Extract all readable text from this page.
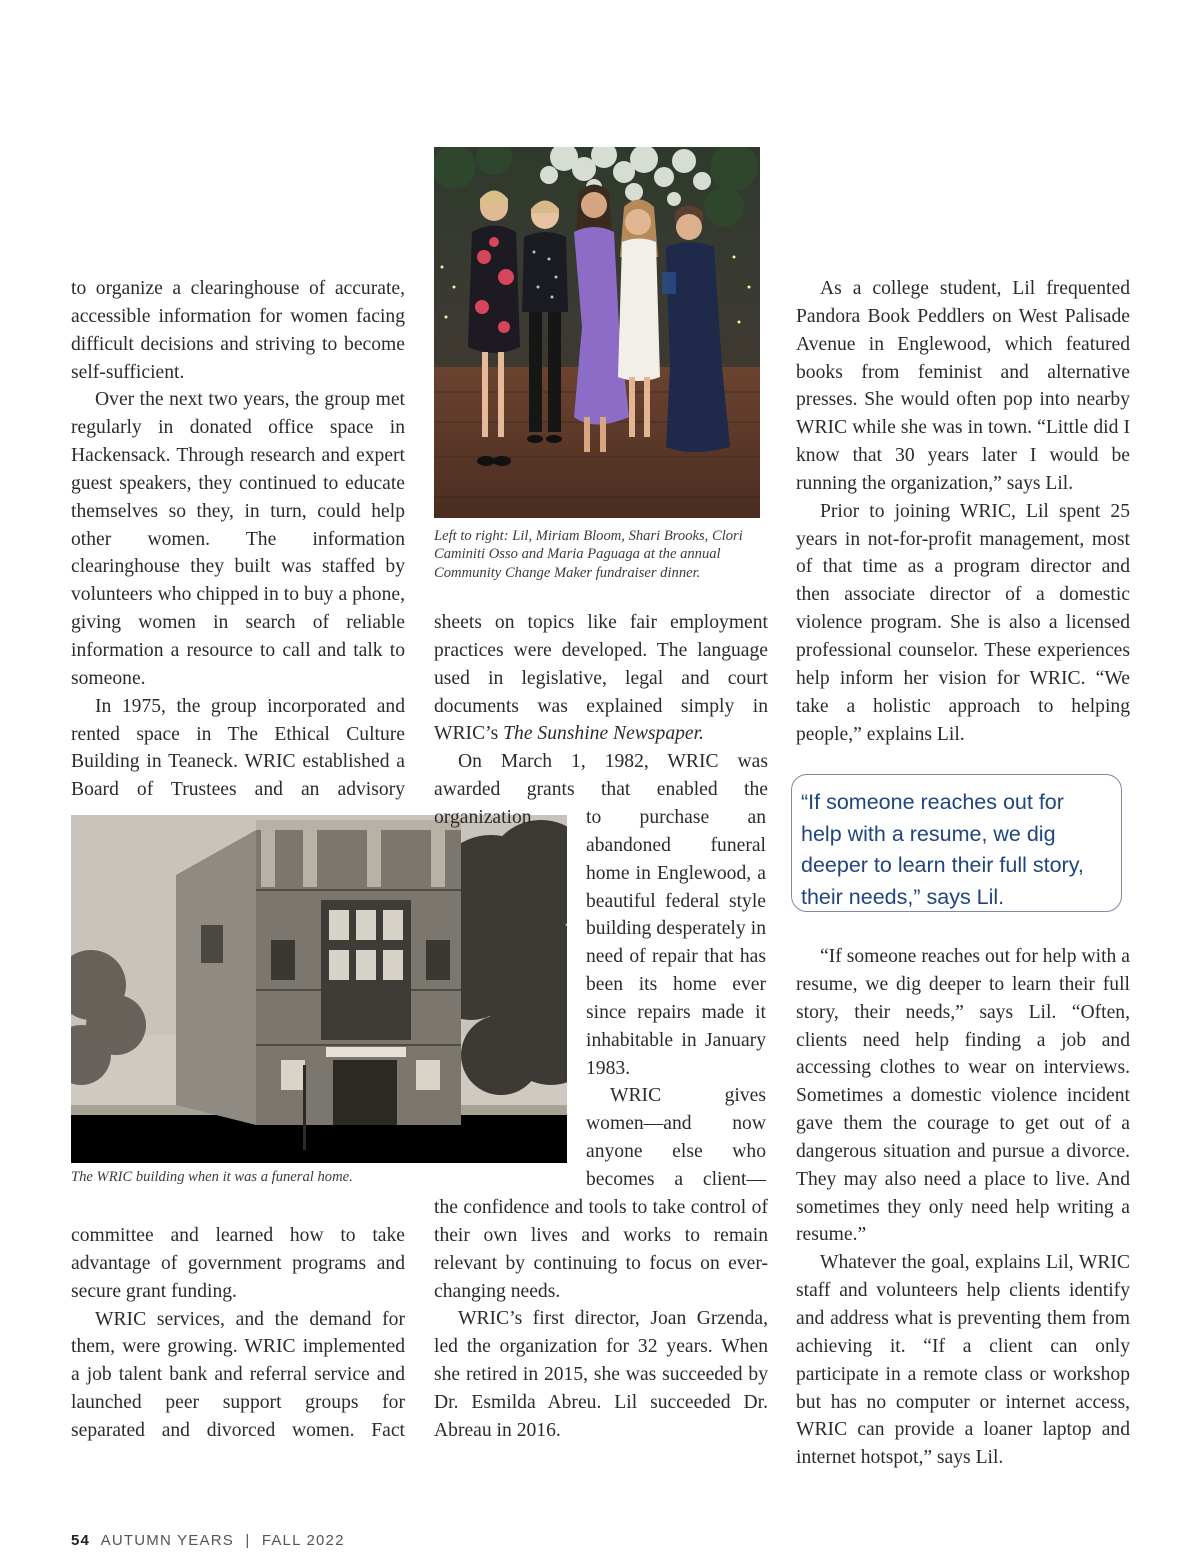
Left to right: Lil, Miriam Bloom, Shari Brooks, Clori Caminiti Osso and Maria Paguaga at the annual Community Change Maker fundraiser dinner.
The WRIC building when it was a funeral home.

to organize a clearinghouse of accurate, accessible information for women facing difficult decisions and striving to become self-sufficient.

Over the next two years, the group met regularly in donated office space in Hackensack. Through research and expert guest speakers, they continued to educate themselves so they, in turn, could help other women. The information clearinghouse they built was staffed by volunteers who chipped in to buy a phone, giving women in search of reliable information a resource to call and talk to someone.

In 1975, the group incorporated and rented space in The Ethical Culture Building in Teaneck. WRIC established a Board of Trustees and an advisory

committee and learned how to take advantage of government programs and secure grant funding.

WRIC services, and the demand for them, were growing. WRIC implemented a job talent bank and referral service and launched peer support groups for separated and divorced women. Fact

sheets on topics like fair employment practices were developed. The language used in legislative, legal and court documents was explained simply in WRIC’s The Sunshine Newspaper.

On March 1, 1982, WRIC was awarded grants that enabled the organization	to purchase an abandoned funeral home in Englewood, a beautiful federal style building desperately in need of repair that has been its home ever since repairs made it inhabitable in January 1983.

WRIC gives women—and now anyone else who becomes a client—

the confidence and tools to take control of their own lives and works to remain relevant by continuing to focus on ever-changing needs.

WRIC’s first director, Joan Grzenda, led the organization for 32 years. When she retired in 2015, she was succeeded by Dr. Esmilda Abreu. Lil succeeded Dr. Abreau in 2016.

As a college student, Lil frequented Pandora Book Peddlers on West Palisade Avenue in Englewood, which featured books from feminist and alternative presses. She would often pop into nearby WRIC while she was in town. “Little did I know that 30 years later I would be running the organization,” says Lil.

Prior to joining WRIC, Lil spent 25 years in not-for-profit management, most of that time as a program director and then associate director of a domestic violence program. She is also a licensed professional counselor. These experiences help inform her vision for WRIC. “We take a holistic approach to helping people,” explains Lil.

“If someone reaches out for help with a resume, we dig deeper to learn their full story, their needs,” says Lil.

“If someone reaches out for help with a resume, we dig deeper to learn their full story, their needs,” says Lil. “Often, clients need help finding a job and accessing clothes to wear on interviews. Sometimes a domestic violence incident gave them the courage to get out of a dangerous situation and pursue a divorce. They may also need a place to live. And sometimes they only need help writing a resume.”

Whatever the goal, explains Lil, WRIC staff and volunteers help clients identify and address what is preventing them from achieving it. “If a client can only participate in a remote class or workshop but has no computer or internet access, WRIC can provide a loaner laptop and internet hotspot,” says Lil.

54 AUTUMN YEARS | FALL 2022
